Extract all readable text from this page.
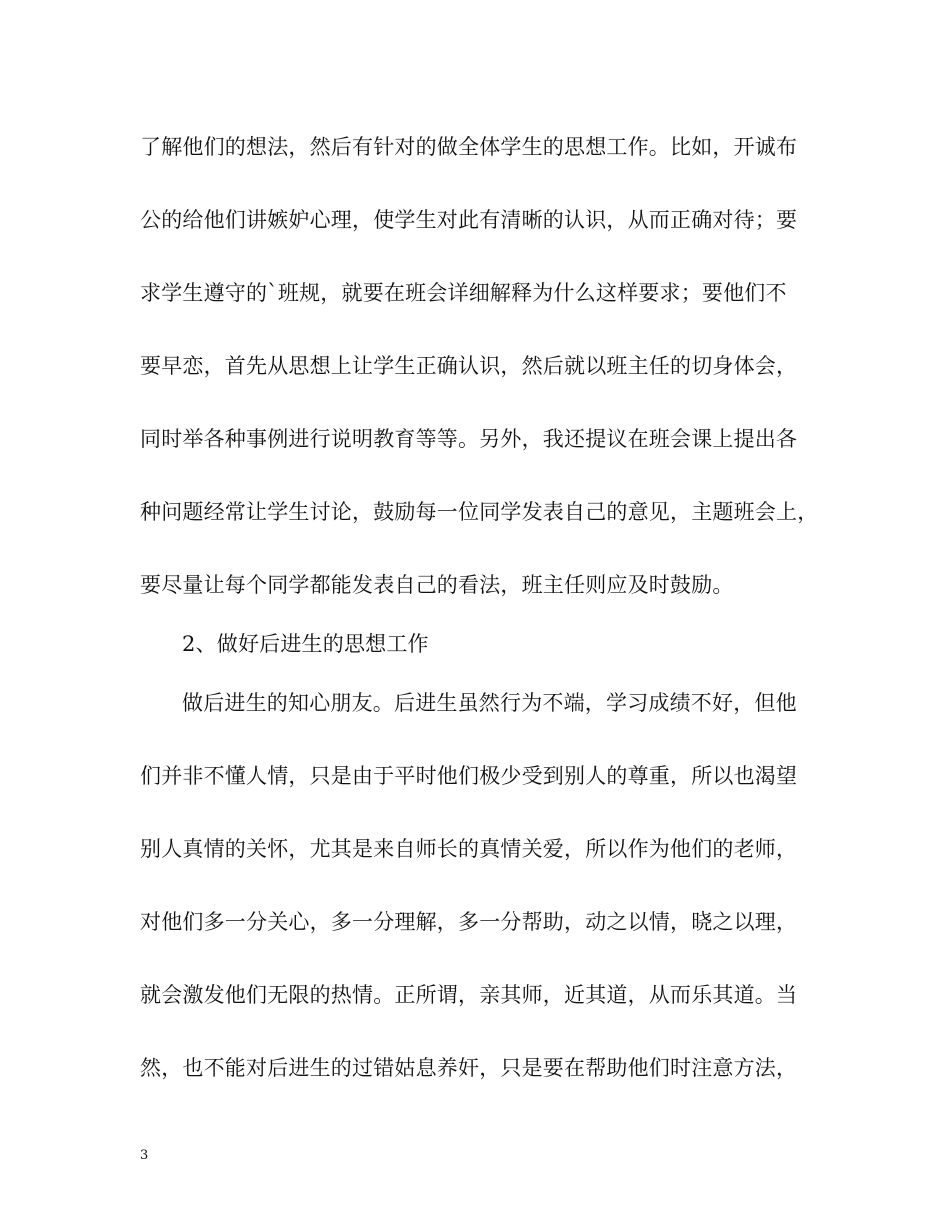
了解他们的想法，然后有针对的做全体学生的思想工作。比如，开诚布
公的给他们讲嫉妒心理，使学生对此有清晰的认识，从而正确对待；要
求学生遵守的`班规，就要在班会详细解释为什么这样要求；要他们不
要早恋，首先从思想上让学生正确认识，然后就以班主任的切身体会，
同时举各种事例进行说明教育等等。另外，我还提议在班会课上提出各
种问题经常让学生讨论，鼓励每一位同学发表自己的意见，主题班会上，
要尽量让每个同学都能发表自己的看法，班主任则应及时鼓励。
2、做好后进生的思想工作
做后进生的知心朋友。后进生虽然行为不端，学习成绩不好，但他
们并非不懂人情，只是由于平时他们极少受到别人的尊重，所以也渴望
别人真情的关怀，尤其是来自师长的真情关爱，所以作为他们的老师，
对他们多一分关心，多一分理解，多一分帮助，动之以情，晓之以理，
就会激发他们无限的热情。正所谓，亲其师，近其道，从而乐其道。当
然，也不能对后进生的过错姑息养奸，只是要在帮助他们时注意方法，
3
